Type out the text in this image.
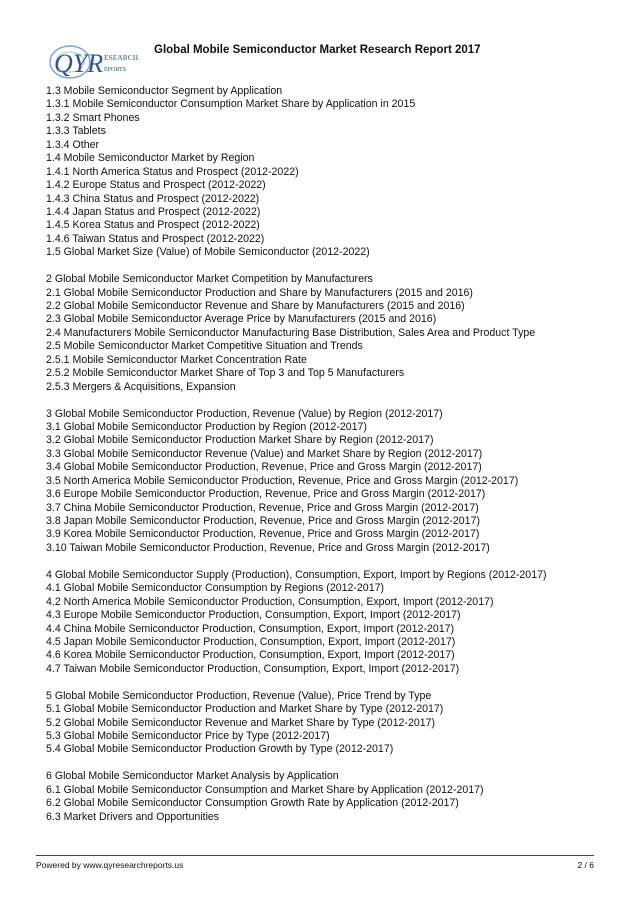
QYR ESEARCH
EPORTS
Global Mobile Semiconductor Market Research Report 2017
1.3 Mobile Semiconductor Segment by Application
1.3.1 Mobile Semiconductor Consumption Market Share by Application in 2015
1.3.2 Smart Phones
1.3.3 Tablets
1.3.4 Other
1.4 Mobile Semiconductor Market by Region
1.4.1 North America Status and Prospect (2012-2022)
1.4.2 Europe Status and Prospect (2012-2022)
1.4.3 China Status and Prospect (2012-2022)
1.4.4 Japan Status and Prospect (2012-2022)
1.4.5 Korea Status and Prospect (2012-2022)
1.4.6 Taiwan Status and Prospect (2012-2022)
1.5 Global Market Size (Value) of Mobile Semiconductor (2012-2022)
2 Global Mobile Semiconductor Market Competition by Manufacturers
2.1 Global Mobile Semiconductor Production and Share by Manufacturers (2015 and 2016)
2.2 Global Mobile Semiconductor Revenue and Share by Manufacturers (2015 and 2016)
2.3 Global Mobile Semiconductor Average Price by Manufacturers (2015 and 2016)
2.4 Manufacturers Mobile Semiconductor Manufacturing Base Distribution, Sales Area and Product Type
2.5 Mobile Semiconductor Market Competitive Situation and Trends
2.5.1 Mobile Semiconductor Market Concentration Rate
2.5.2 Mobile Semiconductor Market Share of Top 3 and Top 5 Manufacturers
2.5.3 Mergers & Acquisitions, Expansion
3 Global Mobile Semiconductor Production, Revenue (Value) by Region (2012-2017)
3.1 Global Mobile Semiconductor Production by Region (2012-2017)
3.2 Global Mobile Semiconductor Production Market Share by Region (2012-2017)
3.3 Global Mobile Semiconductor Revenue (Value) and Market Share by Region (2012-2017)
3.4 Global Mobile Semiconductor Production, Revenue, Price and Gross Margin (2012-2017)
3.5 North America Mobile Semiconductor Production, Revenue, Price and Gross Margin (2012-2017)
3.6 Europe Mobile Semiconductor Production, Revenue, Price and Gross Margin (2012-2017)
3.7 China Mobile Semiconductor Production, Revenue, Price and Gross Margin (2012-2017)
3.8 Japan Mobile Semiconductor Production, Revenue, Price and Gross Margin (2012-2017)
3.9 Korea Mobile Semiconductor Production, Revenue, Price and Gross Margin (2012-2017)
3.10 Taiwan Mobile Semiconductor Production, Revenue, Price and Gross Margin (2012-2017)
4 Global Mobile Semiconductor Supply (Production), Consumption, Export, Import by Regions (2012-2017)
4.1 Global Mobile Semiconductor Consumption by Regions (2012-2017)
4.2 North America Mobile Semiconductor Production, Consumption, Export, Import (2012-2017)
4.3 Europe Mobile Semiconductor Production, Consumption, Export, Import (2012-2017)
4.4 China Mobile Semiconductor Production, Consumption, Export, Import (2012-2017)
4.5 Japan Mobile Semiconductor Production, Consumption, Export, Import (2012-2017)
4.6 Korea Mobile Semiconductor Production, Consumption, Export, Import (2012-2017)
4.7 Taiwan Mobile Semiconductor Production, Consumption, Export, Import (2012-2017)
5 Global Mobile Semiconductor Production, Revenue (Value), Price Trend by Type
5.1 Global Mobile Semiconductor Production and Market Share by Type (2012-2017)
5.2 Global Mobile Semiconductor Revenue and Market Share by Type (2012-2017)
5.3 Global Mobile Semiconductor Price by Type (2012-2017)
5.4 Global Mobile Semiconductor Production Growth by Type (2012-2017)
6 Global Mobile Semiconductor Market Analysis by Application
6.1 Global Mobile Semiconductor Consumption and Market Share by Application (2012-2017)
6.2 Global Mobile Semiconductor Consumption Growth Rate by Application (2012-2017)
6.3 Market Drivers and Opportunities
Powered by www.qyresearchreports.us	2 / 6
